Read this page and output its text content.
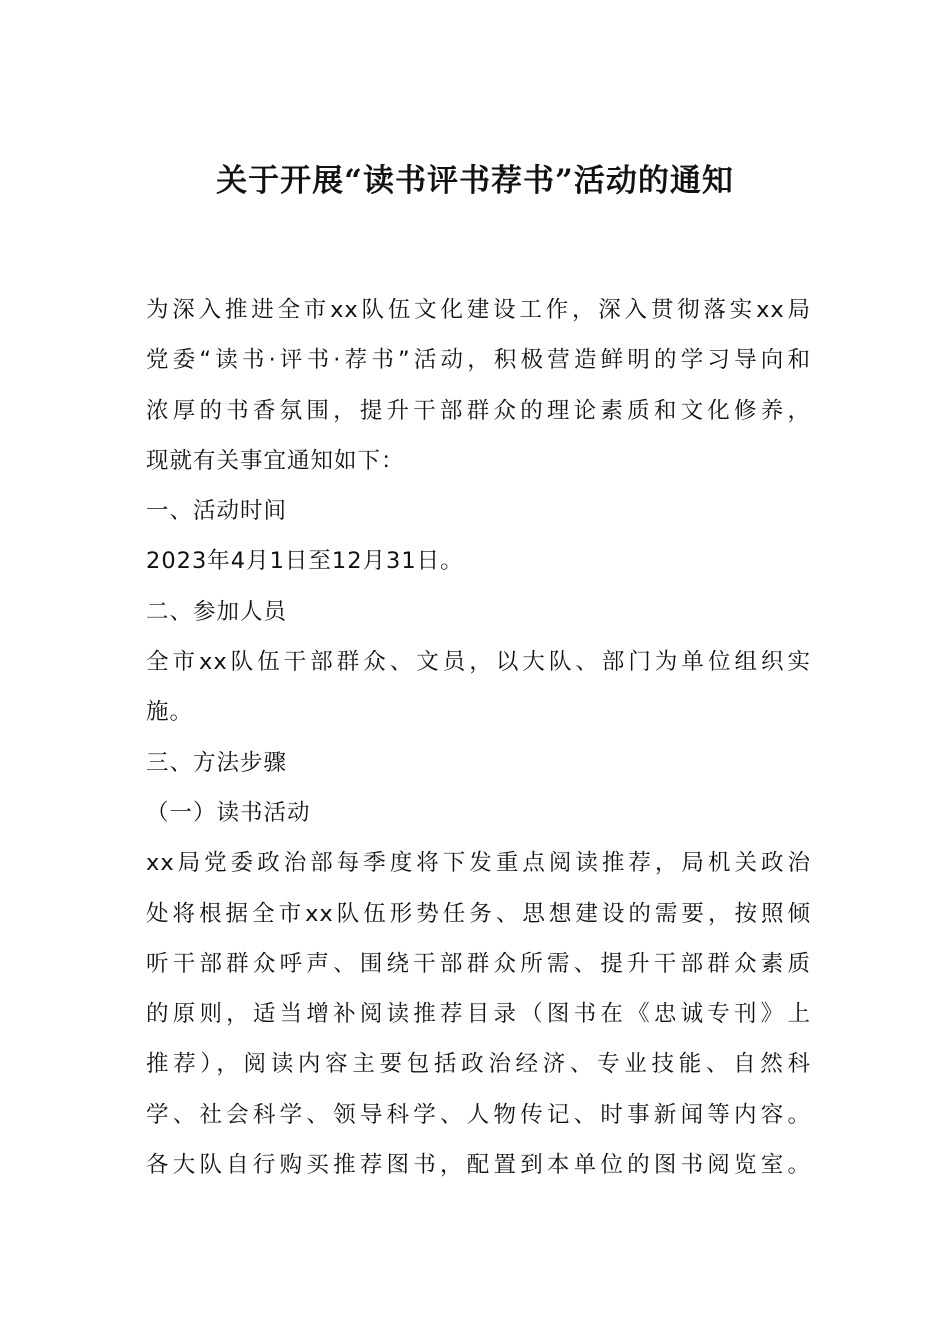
关于开展“读书评书荐书”活动的通知
为深入推进全市xx队伍文化建设工作，深入贯彻落实xx局
党委“读书·评书·荐书”活动，积极营造鲜明的学习导向和
浓厚的书香氛围，提升干部群众的理论素质和文化修养，
现就有关事宜通知如下：
一、活动时间
2023年4月1日至12月31日。
二、参加人员
全市xx队伍干部群众、文员，以大队、部门为单位组织实
施。
三、方法步骤
（一）读书活动
xx局党委政治部每季度将下发重点阅读推荐，局机关政治
处将根据全市xx队伍形势任务、思想建设的需要，按照倾
听干部群众呼声、围绕干部群众所需、提升干部群众素质
的原则，适当增补阅读推荐目录（图书在《忠诚专刊》上
推荐），阅读内容主要包括政治经济、专业技能、自然科
学、社会科学、领导科学、人物传记、时事新闻等内容。
各大队自行购买推荐图书，配置到本单位的图书阅览室。
